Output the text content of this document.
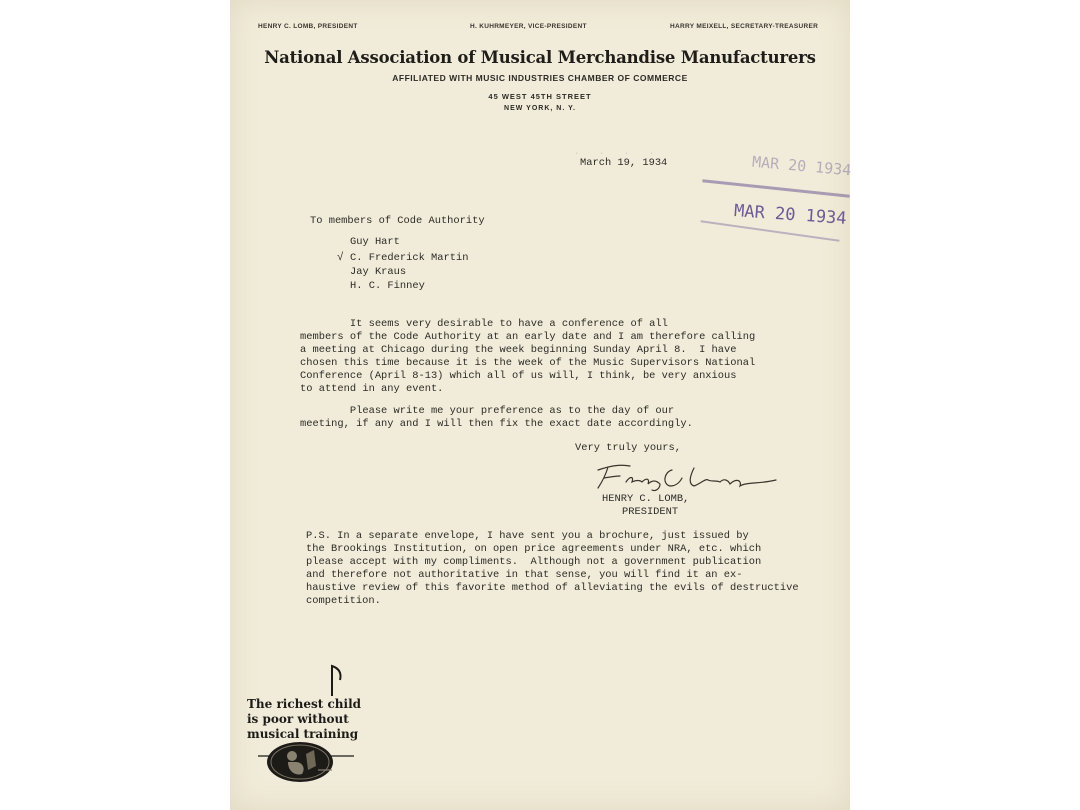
HENRY C. LOMB, PRESIDENT	H. KUHRMEYER, VICE-PRESIDENT	HARRY MEIXELL, SECRETARY-TREASURER
National Association of Musical Merchandise Manufacturers
AFFILIATED WITH MUSIC INDUSTRIES CHAMBER OF COMMERCE
45 WEST 45TH STREET
NEW YORK, N. Y.
.   .   .   .
March 19, 1934	MAR 20 1934
MAR 20 1934
To members of Code Authority
Guy Hart
√ C. Frederick Martin
Jay Kraus
H. C. Finney
It seems very desirable to have a conference of all
members of the Code Authority at an early date and I am therefore calling
a meeting at Chicago during the week beginning Sunday April 8.  I have
chosen this time because it is the week of the Music Supervisors National
Conference (April 8-13) which all of us will, I think, be very anxious
to attend in any event.
Please write me your preference as to the day of our
meeting, if any and I will then fix the exact date accordingly.
Very truly yours,
HENRY C. LOMB,
PRESIDENT
P.S. In a separate envelope, I have sent you a brochure, just issued by
the Brookings Institution, on open price agreements under NRA, etc. which
please accept with my compliments.  Although not a government publication
and therefore not authoritative in that sense, you will find it an ex-
haustive review of this favorite method of alleviating the evils of destructive
competition.
The richest child
is poor without
musical training
